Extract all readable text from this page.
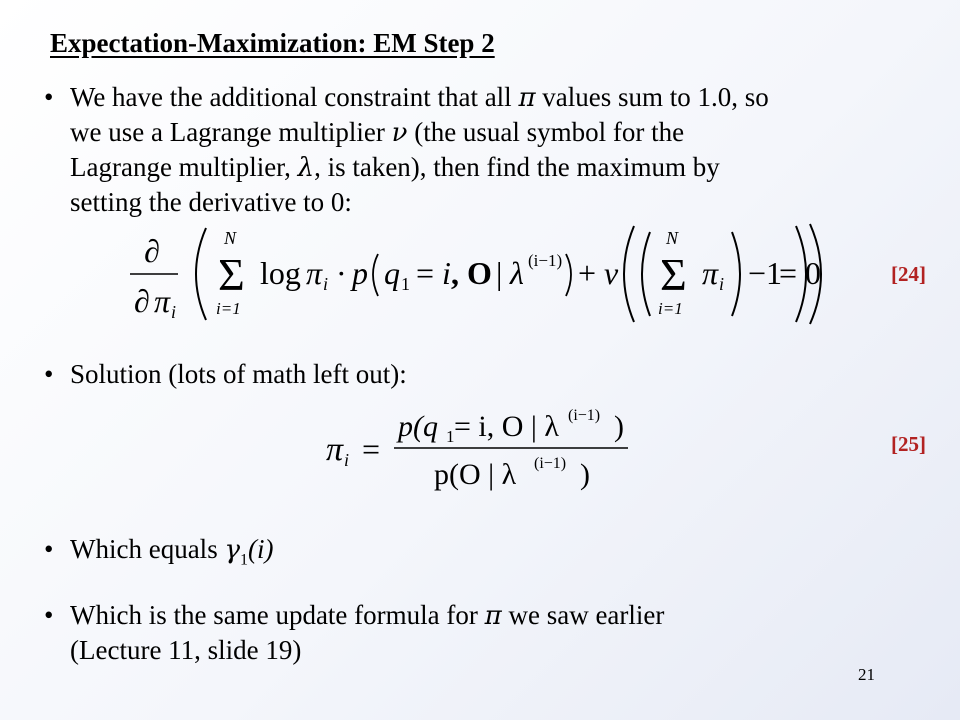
Expectation-Maximization: EM Step 2
• We have the additional constraint that all π values sum to 1.0, so
we use a Lagrange multiplier ν (the usual symbol for the
Lagrange multiplier, λ, is taken), then find the maximum by
setting the derivative to 0:
∂
∂ π i
N
Σ
i=1
log π i · p q 1 = i , O | λ (i−1) + ν
N
Σ
i=1
π i −1
= 0	[24]
• Solution (lots of math left out):
π i =
p(q 1 = i, O | λ (i−1) )
p(O | λ (i−1) )
[25]
• Which equals $\gamma_1(i)$
• Which is the same update formula for π we saw earlier
(Lecture 11, slide 19)
21
